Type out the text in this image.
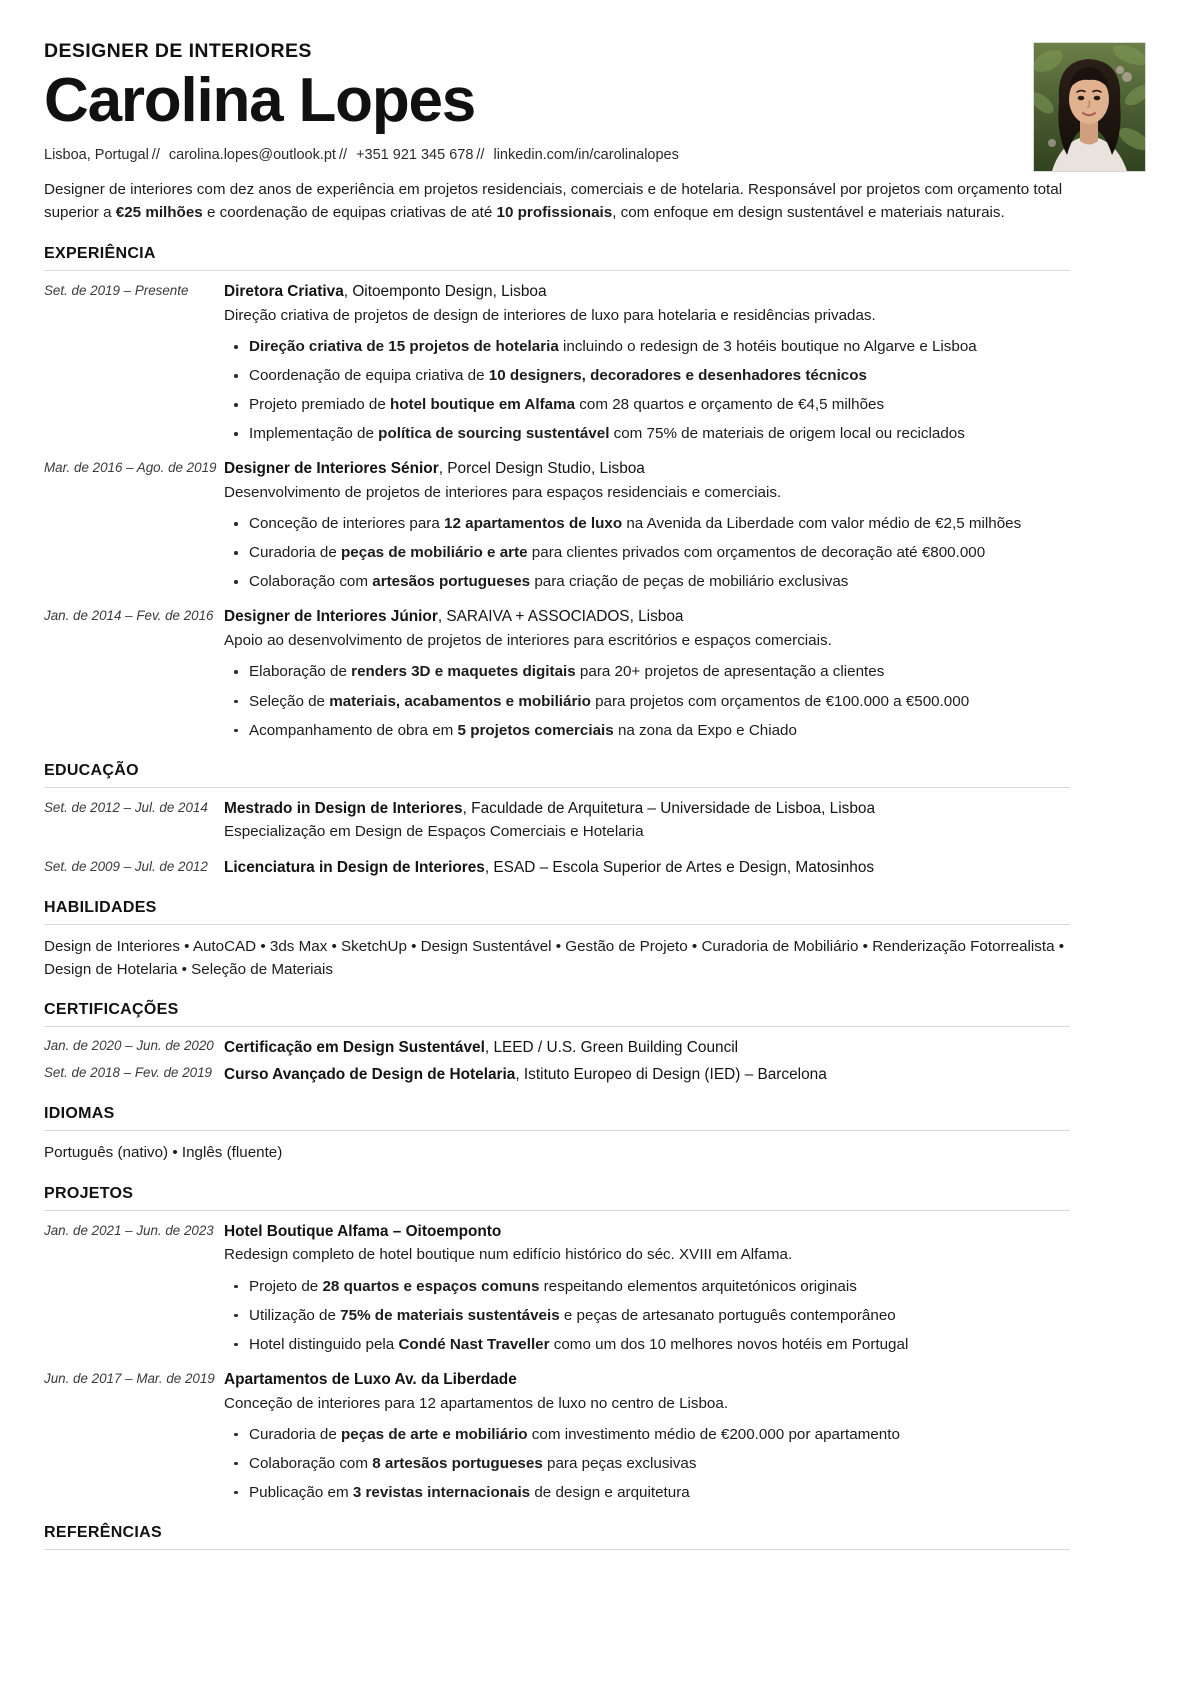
DESIGNER DE INTERIORES

Carolina Lopes

Lisboa, Portugal // carolina.lopes@outlook.pt // +351 921 345 678 // linkedin.com/in/carolinalopes

Designer de interiores com dez anos de experiência em projetos residenciais, comerciais e de hotelaria. Responsável por projetos com orçamento total superior a €25 milhões e coordenação de equipas criativas de até 10 profissionais, com enfoque em design sustentável e materiais naturais.

EXPERIÊNCIA
Set. de 2019 – Presente	Diretora Criativa, Oitoemponto Design, Lisboa

Direção criativa de projetos de design de interiores de luxo para hotelaria e residências privadas.

Direção criativa de 15 projetos de hotelaria incluindo o redesign de 3 hotéis boutique no Algarve e Lisboa
Coordenação de equipa criativa de 10 designers, decoradores e desenhadores técnicos
Projeto premiado de hotel boutique em Alfama com 28 quartos e orçamento de €4,5 milhões
Implementação de política de sourcing sustentável com 75% de materiais de origem local ou reciclados
Mar. de 2016 – Ago. de 2019 Designer de Interiores Sénior, Porcel Design Studio, Lisboa

Desenvolvimento de projetos de interiores para espaços residenciais e comerciais.

Conceção de interiores para 12 apartamentos de luxo na Avenida da Liberdade com valor médio de €2,5 milhões
Curadoria de peças de mobiliário e arte para clientes privados com orçamentos de decoração até €800.000
Colaboração com artesãos portugueses para criação de peças de mobiliário exclusivas
Jan. de 2014 – Fev. de 2016 Designer de Interiores Júnior, SARAIVA + ASSOCIADOS, Lisboa

Apoio ao desenvolvimento de projetos de interiores para escritórios e espaços comerciais.

Elaboração de renders 3D e maquetes digitais para 20+ projetos de apresentação a clientes
Seleção de materiais, acabamentos e mobiliário para projetos com orçamentos de €100.000 a €500.000
Acompanhamento de obra em 5 projetos comerciais na zona da Expo e Chiado
EDUCAÇÃO
Set. de 2012 – Jul. de 2014	Mestrado in Design de Interiores, Faculdade de Arquitetura – Universidade de Lisboa, Lisboa

Especialização em Design de Espaços Comerciais e Hotelaria

Set. de 2009 – Jul. de 2012	Licenciatura in Design de Interiores, ESAD – Escola Superior de Artes e Design, Matosinhos

HABILIDADES

Design de Interiores • AutoCAD • 3ds Max • SketchUp • Design Sustentável • Gestão de Projeto • Curadoria de Mobiliário • Renderização Fotorrealista • Design de Hotelaria • Seleção de Materiais

CERTIFICAÇÕES
Jan. de 2020 – Jun. de 2020 Certificação em Design Sustentável, LEED / U.S. Green Building Council

Set. de 2018 – Fev. de 2019 Curso Avançado de Design de Hotelaria, Istituto Europeo di Design (IED) – Barcelona

IDIOMAS

Português (nativo) • Inglês (fluente)

PROJETOS
Jan. de 2021 – Jun. de 2023 Hotel Boutique Alfama – Oitoemponto

Redesign completo de hotel boutique num edifício histórico do séc. XVIII em Alfama.

Projeto de 28 quartos e espaços comuns respeitando elementos arquitetónicos originais
Utilização de 75% de materiais sustentáveis e peças de artesanato português contemporâneo
Hotel distinguido pela Condé Nast Traveller como um dos 10 melhores novos hotéis em Portugal
Jun. de 2017 – Mar. de 2019 Apartamentos de Luxo Av. da Liberdade

Conceção de interiores para 12 apartamentos de luxo no centro de Lisboa.

Curadoria de peças de arte e mobiliário com investimento médio de €200.000 por apartamento
Colaboração com 8 artesãos portugueses para peças exclusivas
Publicação em 3 revistas internacionais de design e arquitetura
REFERÊNCIAS
